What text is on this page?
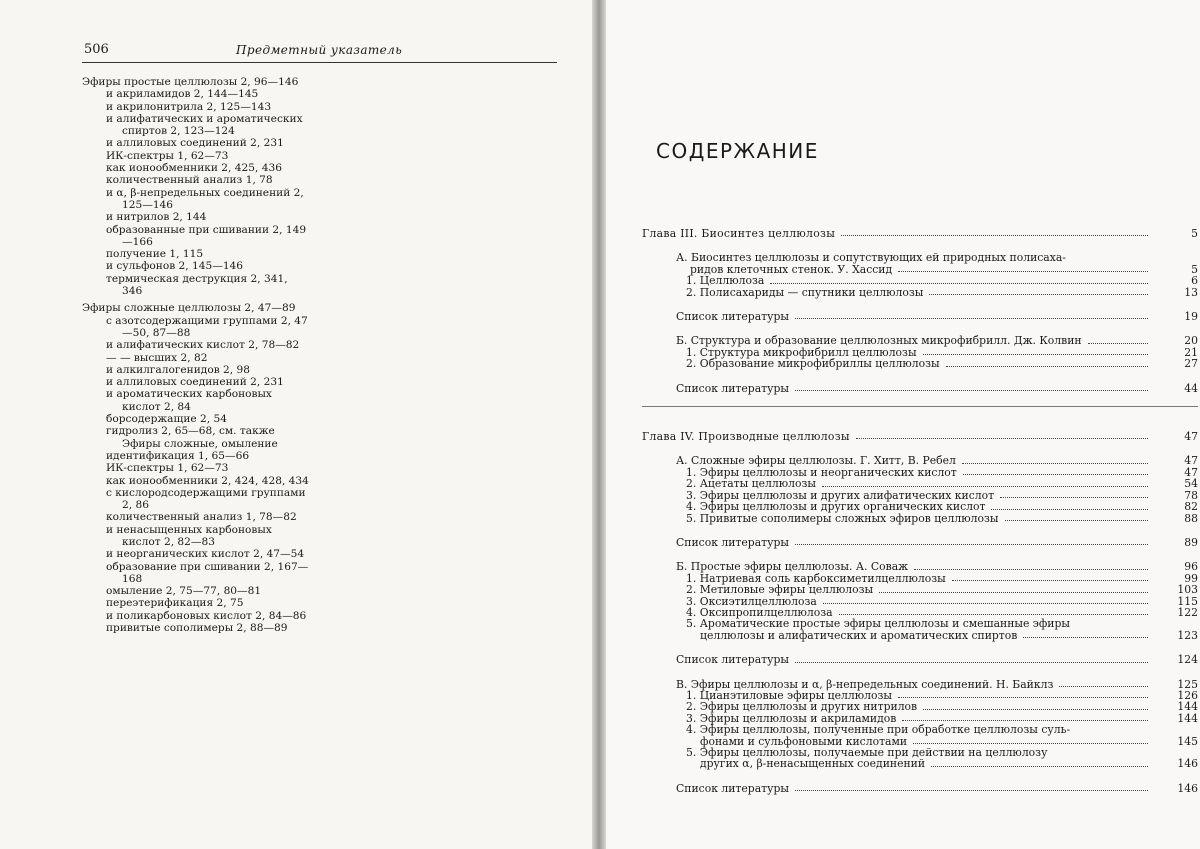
506	Предметный указатель

Эфиры простые целлюлозы 2, 96—146

и акриламидов 2, 144—145

и акрилонитрила 2, 125—143

и алифатических и ароматических спиртов 2, 123—124

и аллиловых соединений 2, 231

ИК-спектры 1, 62—73

как ионообменники 2, 425, 436

количественный анализ 1, 78

и α, β-непредельных соединений 2, 125—146

и нитрилов 2, 144

образованные при сшивании 2, 149—166

получение 1, 115

и сульфонов 2, 145—146

термическая деструкция 2, 341, 346

Эфиры сложные целлюлозы 2, 47—89

с азотсодержащими группами 2, 47—50, 87—88

и алифатических кислот 2, 78—82

— — высших 2, 82

и алкилгалогенидов 2, 98

и аллиловых соединений 2, 231

и ароматических карбоновых кислот 2, 84

борсодержащие 2, 54

гидролиз 2, 65—68, см. также Эфиры сложные, омыление

идентификация 1, 65—66

ИК-спектры 1, 62—73

как ионообменники 2, 424, 428, 434

с кислородсодержащими группами 2, 86

количественный анализ 1, 78—82

и ненасыщенных карбоновых кислот 2, 82—83

и неорганических кислот 2, 47—54

образование при сшивании 2, 167—168

омыление 2, 75—77, 80—81

переэтерификация 2, 75

и поликарбоновых кислот 2, 84—86

привитые сополимеры 2, 88—89

СОДЕРЖАНИЕ
Глава III. Биосинтез целлюлозы	5
А. Биосинтез целлюлозы и сопутствующих ей природных полисаха-
ридов клеточных стенок. У. Хассид	5
1. Целлюлоза	6
2. Полисахариды — спутники целлюлозы	13
Список литературы	19
Б. Структура и образование целлюлозных микрофибрилл. Дж. Колвин	20
1. Структура микрофибрилл целлюлозы	21
2. Образование микрофибриллы целлюлозы	27
Список литературы	44
Глава IV. Производные целлюлозы	47
А. Сложные эфиры целлюлозы. Г. Хитт, В. Ребел	47
1. Эфиры целлюлозы и неорганических кислот	47
2. Ацетаты целлюлозы	54
3. Эфиры целлюлозы и других алифатических кислот	78
4. Эфиры целлюлозы и других органических кислот	82
5. Привитые сополимеры сложных эфиров целлюлозы	88
Список литературы	89
Б. Простые эфиры целлюлозы. А. Соваж	96
1. Натриевая соль карбоксиметилцеллюлозы	99
2. Метиловые эфиры целлюлозы	103
3. Оксиэтилцеллюлоза	115
4. Оксипропилцеллюлоза	122
5. Ароматические простые эфиры целлюлозы и смешанные эфиры
целлюлозы и алифатических и ароматических спиртов	123
Список литературы	124
В. Эфиры целлюлозы и α, β-непредельных соединений. Н. Байклз	125
1. Цианэтиловые эфиры целлюлозы	126
2. Эфиры целлюлозы и других нитрилов	144
3. Эфиры целлюлозы и акриламидов	144
4. Эфиры целлюлозы, полученные при обработке целлюлозы суль-
фонами и сульфоновыми кислотами	145
5. Эфиры целлюлозы, получаемые при действии на целлюлозу
других α, β-ненасыщенных соединений	146
Список литературы	146
